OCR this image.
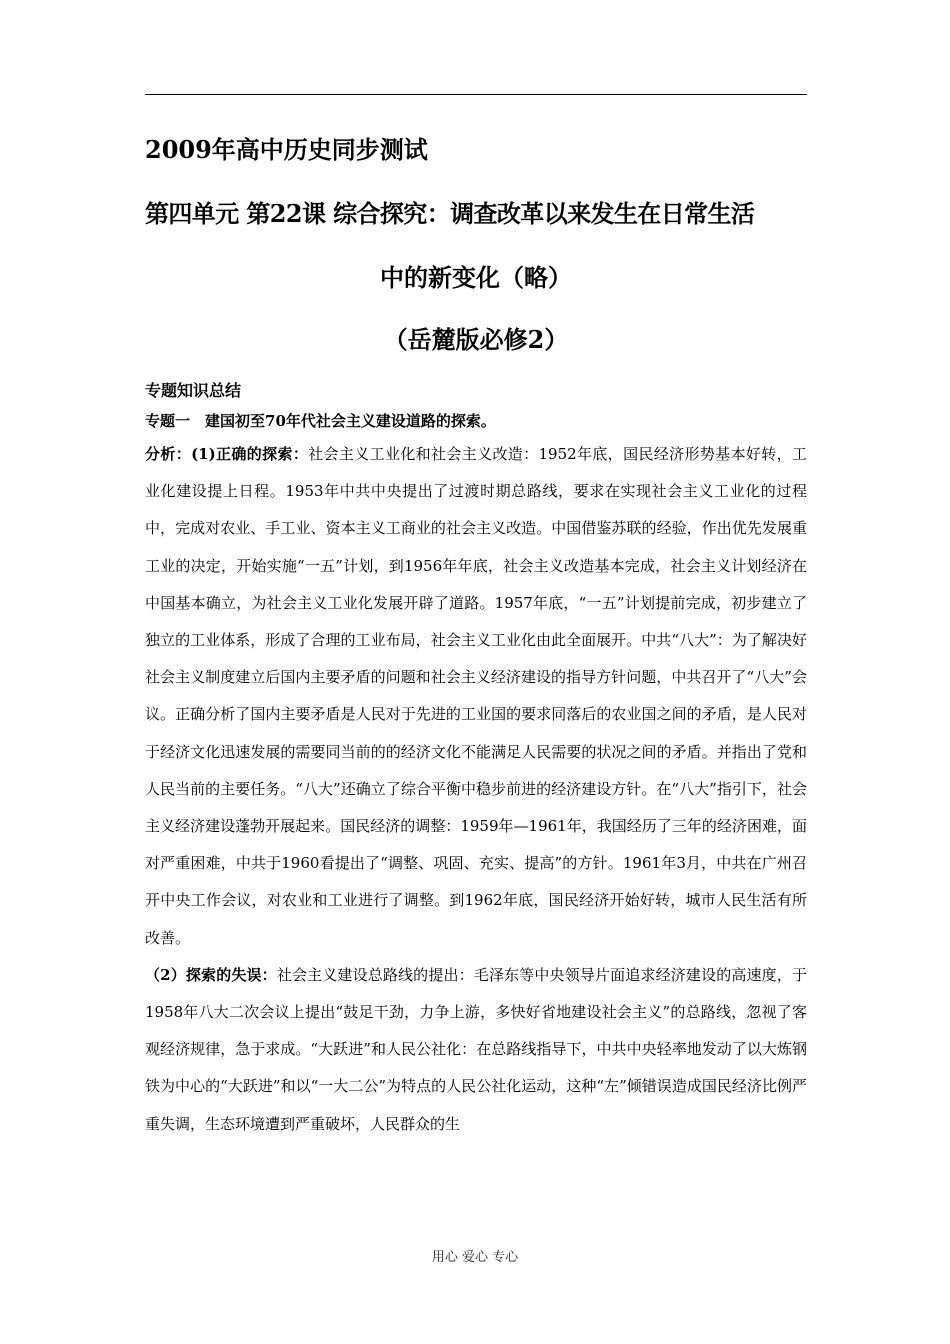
2009年高中历史同步测试

第四单元 第22课 综合探究：调查改革以来发生在日常生活

中的新变化（略）

（岳麓版必修2）

专题知识总结

专题一　建国初至70年代社会主义建设道路的探索。

分析：(1)正确的探索：社会主义工业化和社会主义改造：1952年底，国民经济形势基本好转，工业化建设提上日程。1953年中共中央提出了过渡时期总路线，要求在实现社会主义工业化的过程中，完成对农业、手工业、资本主义工商业的社会主义改造。中国借鉴苏联的经验，作出优先发展重工业的决定，开始实施“一五”计划，到1956年年底，社会主义改造基本完成，社会主义计划经济在中国基本确立，为社会主义工业化发展开辟了道路。1957年底，“一五”计划提前完成，初步建立了独立的工业体系，形成了合理的工业布局，社会主义工业化由此全面展开。中共“八大”：为了解决好社会主义制度建立后国内主要矛盾的问题和社会主义经济建设的指导方针问题，中共召开了“八大”会议。正确分析了国内主要矛盾是人民对于先进的工业国的要求同落后的农业国之间的矛盾，是人民对于经济文化迅速发展的需要同当前的的经济文化不能满足人民需要的状况之间的矛盾。并指出了党和人民当前的主要任务。“八大”还确立了综合平衡中稳步前进的经济建设方针。在“八大”指引下，社会主义经济建设蓬勃开展起来。国民经济的调整：1959年—1961年，我国经历了三年的经济困难，面对严重困难，中共于1960看提出了“调整、巩固、充实、提高”的方针。1961年3月，中共在广州召开中央工作会议，对农业和工业进行了调整。到1962年底，国民经济开始好转，城市人民生活有所改善。

（2）探索的失误：社会主义建设总路线的提出：毛泽东等中央领导片面追求经济建设的高速度，于1958年八大二次会议上提出“鼓足干劲，力争上游，多快好省地建设社会主义”的总路线，忽视了客观经济规律，急于求成。“大跃进”和人民公社化：在总路线指导下，中共中央轻率地发动了以大炼钢铁为中心的“大跃进”和以“一大二公”为特点的人民公社化运动，这种“左”倾错误造成国民经济比例严重失调，生态环境遭到严重破坏，人民群众的生

用心 爱心 专心
